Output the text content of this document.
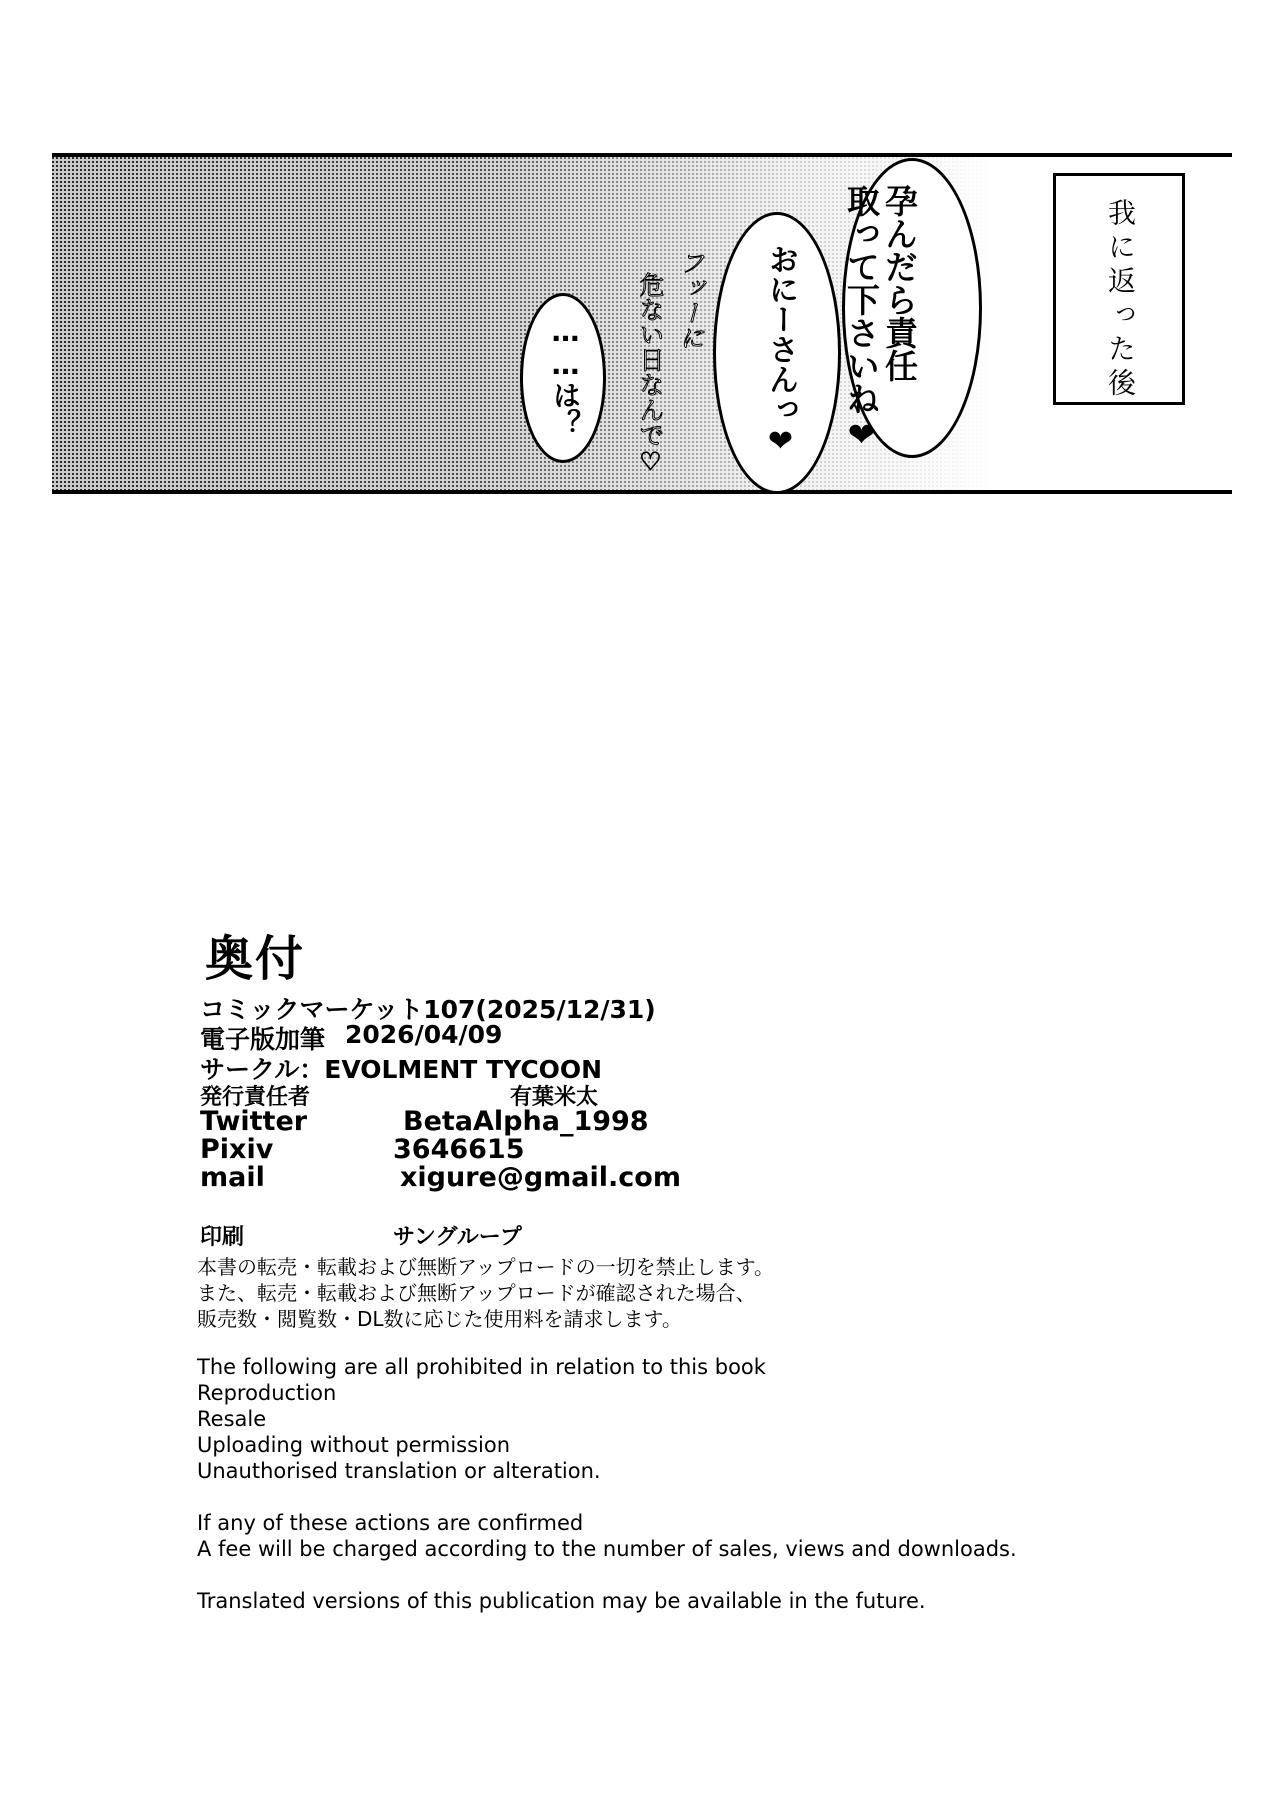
我に返った後
孕んだら責任
取って下さいね❤
おにーさんっ❤
フッーに
危ない日なんで♡
……は？
奥付
コミックマーケット107(2025/12/31)
電子版加筆 2026/04/09
サークル：EVOLMENT TYCOON
発行責任者	有葉米太
Twitter	BetaAlpha_1998
Pixiv	3646615
mail	xigure@gmail.com
印刷	サングループ
本書の転売・転載および無断アップロードの一切を禁止します。
また、転売・転載および無断アップロードが確認された場合、
販売数・閲覧数・DL数に応じた使用料を請求します。
The following are all prohibited in relation to this book
Reproduction
Resale
Uploading without permission
Unauthorised translation or alteration.
If any of these actions are confirmed
A fee will be charged according to the number of sales, views and downloads.
Translated versions of this publication may be available in the future.
